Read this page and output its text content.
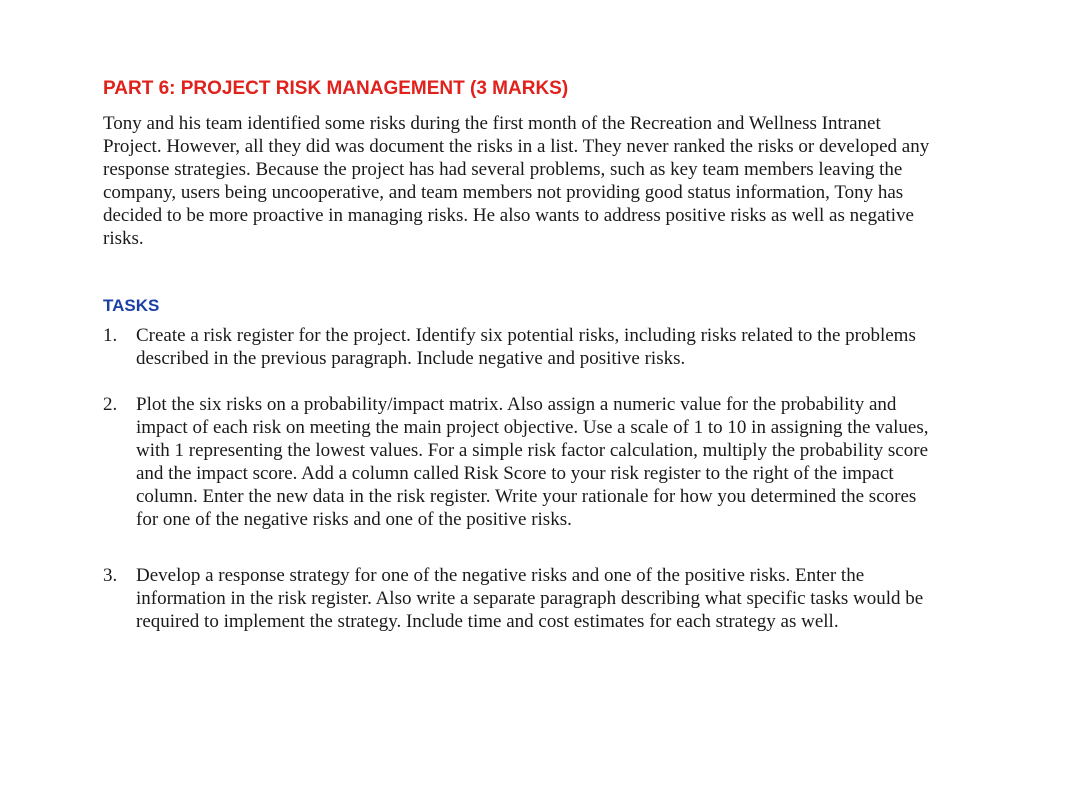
PART 6: PROJECT RISK MANAGEMENT (3 MARKS)

Tony and his team identified some risks during the first month of the Recreation and Wellness Intranet
Project. However, all they did was document the risks in a list. They never ranked the risks or developed any
response strategies. Because the project has had several problems, such as key team members leaving the
company, users being uncooperative, and team members not providing good status information, Tony has
decided to be more proactive in managing risks. He also wants to address positive risks as well as negative
risks.

TASKS
1. Create a risk register for the project. Identify six potential risks, including risks related to the problems
described in the previous paragraph. Include negative and positive risks.
2. Plot the six risks on a probability/impact matrix. Also assign a numeric value for the probability and
impact of each risk on meeting the main project objective. Use a scale of 1 to 10 in assigning the values,
with 1 representing the lowest values. For a simple risk factor calculation, multiply the probability score
and the impact score. Add a column called Risk Score to your risk register to the right of the impact
column. Enter the new data in the risk register. Write your rationale for how you determined the scores
for one of the negative risks and one of the positive risks.
3. Develop a response strategy for one of the negative risks and one of the positive risks. Enter the
information in the risk register. Also write a separate paragraph describing what specific tasks would be
required to implement the strategy. Include time and cost estimates for each strategy as well.
